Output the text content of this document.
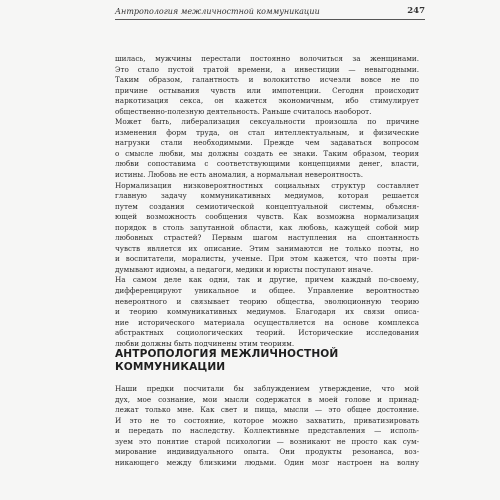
Антропология межличностной коммуникации	247
шилась, мужчины перестали постоянно волочиться за женщинами.
Это стало пустой тратой времени, а инвестиции — невыгодными.
Таким образом, галантность и волокитство исчезли вовсе не по
причине остывания чувств или импотенции. Сегодня происходит
наркотизация секса, он кажется экономичным, ибо стимулирует
общественно-полезную деятельность. Раньше считалось наоборот.
Может быть, либерализация сексуальности произошла по причине
изменения форм труда, он стал интеллектуальным, и физические
нагрузки стали необходимыми. Прежде чем задаваться вопросом
о смысле любви, мы должны создать ее знаки. Таким образом, теория
любви сопоставима с соответствующими концепциями денег, власти,
истины. Любовь не есть аномалия, а нормальная невероятность.
Нормализация низковероятностных социальных структур составляет
главную задачу коммуникативных медиумов, которая решается
путем создания семиотической концептуальной системы, объясня-
ющей возможность сообщения чувств. Как возможна нормализация
порядок в столь запутанной области, как любовь, кажущей собой мир
любовных страстей? Первым шагом наступления на спонтанность
чувств является их описание. Этим занимаются не только поэты, но
и воспитатели, моралисты, ученые. При этом кажется, что поэты при-
думывают идиомы, а педагоги, медики и юристы поступают иначе.
На самом деле как одни, так и другие, причем каждый по-своему,
дифференцируют уникальное и общее. Управление вероятностью
невероятного и связывает теорию общества, эволюционную теорию
и теорию коммуникативных медиумов. Благодаря их связи описа-
ние исторического материала осуществляется на основе комплекса
абстрактных социологических теорий. Исторические исследования
любви должны быть подчинены этим теориям.
АНТРОПОЛОГИЯ МЕЖЛИЧНОСТНОЙ
КОММУНИКАЦИИ
Наши предки посчитали бы заблуждением утверждение, что мой
дух, мое сознание, мои мысли содержатся в моей голове и принад-
лежат только мне. Как свет и пища, мысли — это общее достояние.
И это не то состояние, которое можно захватить, приватизировать
и передать по наследству. Коллективные представления — исполь-
зуем это понятие старой психологии — возникают не просто как сум-
мирование индивидуального опыта. Они продукты резонанса, воз-
никающего между близкими людьми. Один мозг настроен на волну
